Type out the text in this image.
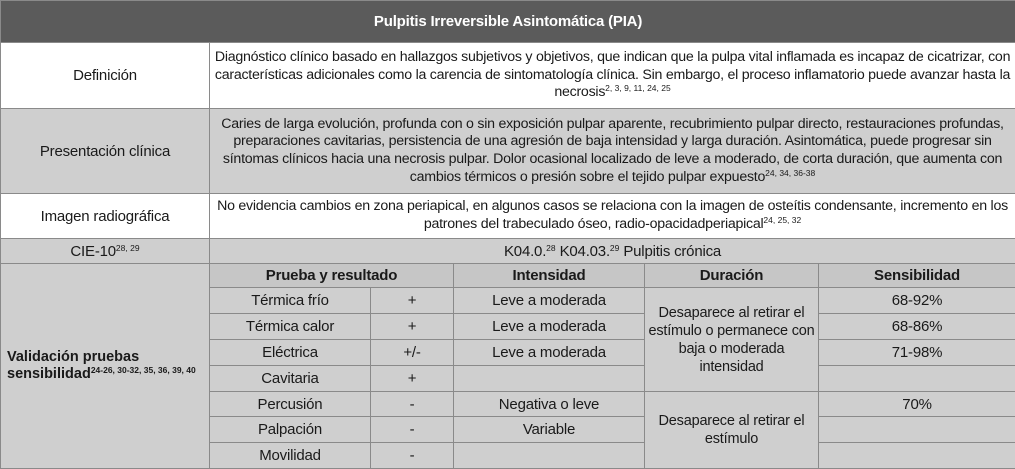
Pulpitis Irreversible Asintomática (PIA)					
Definición	Diagnóstico clínico basado en hallazgos subjetivos y objetivos, que indican que la pulpa vital inflamada es incapaz de cicatrizar, con características adicionales como la carencia de sintomatología clínica. Sin embargo, el proceso inflamatorio puede avanzar hasta la necrosis$^{2, 3, 9, 11, 24, 25}$
Presentación clínica	Caries de larga evolución, profunda con o sin exposición pulpar aparente, recubrimiento pulpar directo, restauraciones profundas, preparaciones cavitarias, persistencia de una agresión de baja intensidad y larga duración. Asintomática, puede progresar sin síntomas clínicos hacia una necrosis pulpar. Dolor ocasional localizado de leve a moderado, de corta duración, que aumenta con cambios térmicos o presión sobre el tejido pulpar expuesto$^{24, 34, 36-38}$
Imagen radiográfica	No evidencia cambios en zona periapical, en algunos casos se relaciona con la imagen de osteítis condensante, incremento en los patrones del trabeculado óseo, radio-opacidadperiapical$^{24, 25, 32}$
CIE-10$^{28, 29}$	K04.0.28 K04.03.29 Pulpitis crónica				
Validación pruebas
sensibilidad$^{24-26, 30-32, 35, 36, 39, 40}$	Prueba y resultado		Intensidad	Duración	Sensibilidad
	Térmica frío	+	Leve a moderada	Desaparece al retirar el estímulo o permanece con baja o moderada intensidad	68-92%
	Térmica calor	+	Leve a moderada		68-86%
	Eléctrica	+/-	Leve a moderada		71-98%
	Cavitaria	+			
	Percusión	-	Negativa o leve	Desaparece al retirar el estímulo	70%
	Palpación	-	Variable		
	Movilidad	-			
